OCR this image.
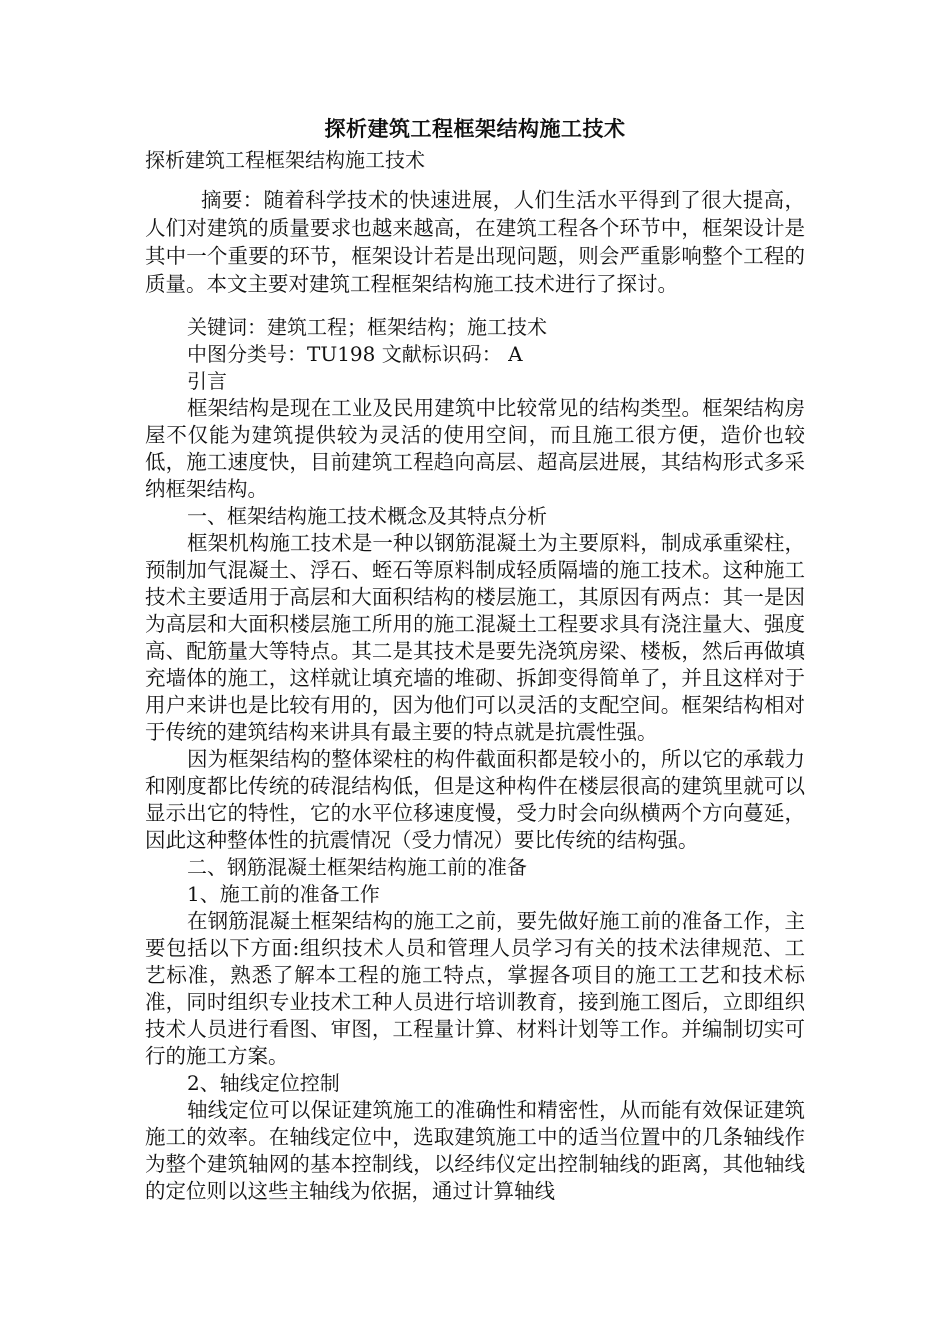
探析建筑工程框架结构施工技术

探析建筑工程框架结构施工技术

摘要：随着科学技术的快速进展，人们生活水平得到了很大提高，人们对建筑的质量要求也越来越高，在建筑工程各个环节中，框架设计是其中一个重要的环节，框架设计若是出现问题，则会严重影响整个工程的质量。本文主要对建筑工程框架结构施工技术进行了探讨。

关键词：建筑工程；框架结构；施工技术

中图分类号：TU198 文献标识码： A

引言

框架结构是现在工业及民用建筑中比较常见的结构类型。框架结构房屋不仅能为建筑提供较为灵活的使用空间，而且施工很方便，造价也较低，施工速度快，目前建筑工程趋向高层、超高层进展，其结构形式多采纳框架结构。

一、框架结构施工技术概念及其特点分析

框架机构施工技术是一种以钢筋混凝土为主要原料，制成承重梁柱，预制加气混凝土、浮石、蛭石等原料制成轻质隔墙的施工技术。这种施工技术主要适用于高层和大面积结构的楼层施工，其原因有两点：其一是因为高层和大面积楼层施工所用的施工混凝土工程要求具有浇注量大、强度高、配筋量大等特点。其二是其技术是要先浇筑房梁、楼板，然后再做填充墙体的施工，这样就让填充墙的堆砌、拆卸变得简单了，并且这样对于用户来讲也是比较有用的，因为他们可以灵活的支配空间。框架结构相对于传统的建筑结构来讲具有最主要的特点就是抗震性强。

因为框架结构的整体梁柱的构件截面积都是较小的，所以它的承载力和刚度都比传统的砖混结构低，但是这种构件在楼层很高的建筑里就可以显示出它的特性，它的水平位移速度慢，受力时会向纵横两个方向蔓延，因此这种整体性的抗震情况（受力情况）要比传统的结构强。

二、钢筋混凝土框架结构施工前的准备

1、施工前的准备工作

在钢筋混凝土框架结构的施工之前，要先做好施工前的准备工作，主要包括以下方面:组织技术人员和管理人员学习有关的技术法律规范、工艺标准，熟悉了解本工程的施工特点，掌握各项目的施工工艺和技术标准，同时组织专业技术工种人员进行培训教育，接到施工图后，立即组织技术人员进行看图、审图，工程量计算、材料计划等工作。并编制切实可行的施工方案。

2、轴线定位控制

轴线定位可以保证建筑施工的准确性和精密性，从而能有效保证建筑施工的效率。在轴线定位中，选取建筑施工中的适当位置中的几条轴线作为整个建筑轴网的基本控制线，以经纬仪定出控制轴线的距离，其他轴线的定位则以这些主轴线为依据，通过计算轴线
